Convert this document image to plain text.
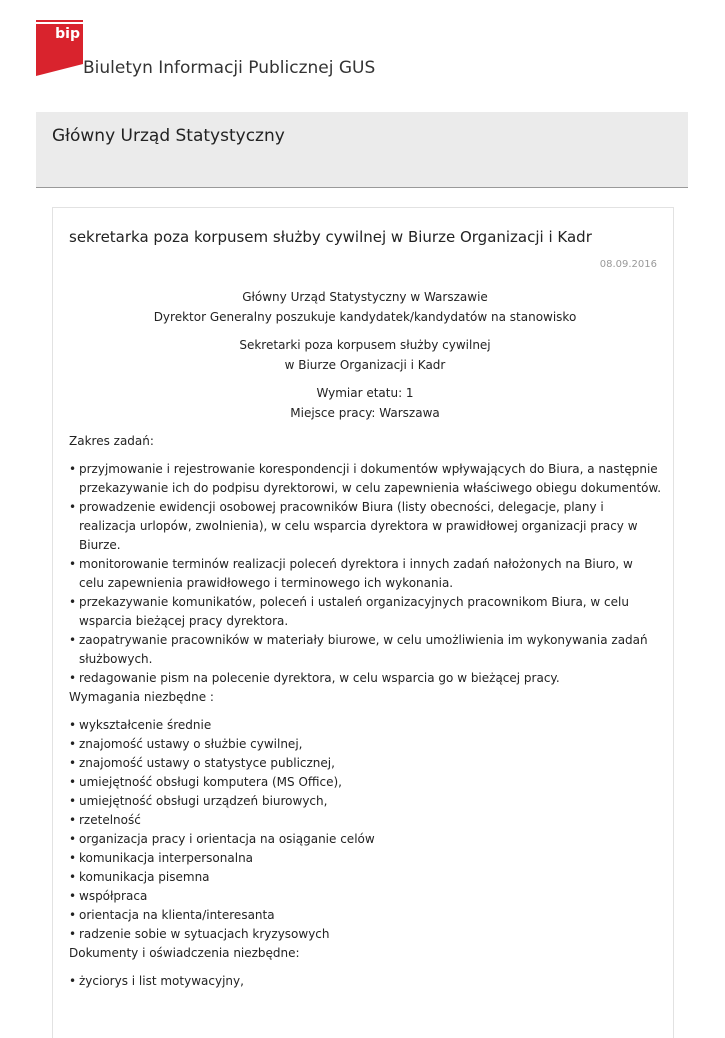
bip
Biuletyn Informacji Publicznej GUS
Główny Urząd Statystyczny
sekretarka poza korpusem służby cywilnej w Biurze Organizacji i Kadr
08.09.2016
Główny Urząd Statystyczny w Warszawie
Dyrektor Generalny poszukuje kandydatek/kandydatów na stanowisko
Sekretarki poza korpusem służby cywilnej
w Biurze Organizacji i Kadr
Wymiar etatu: 1
Miejsce pracy: Warszawa
Zakres zadań:
• przyjmowanie i rejestrowanie korespondencji i dokumentów wpływających do Biura, a następnie przekazywanie ich do podpisu dyrektorowi, w celu zapewnienia właściwego obiegu dokumentów.
• prowadzenie ewidencji osobowej pracowników Biura (listy obecności, delegacje, plany i realizacja urlopów, zwolnienia), w celu wsparcia dyrektora w prawidłowej organizacji pracy w Biurze.
• monitorowanie terminów realizacji poleceń dyrektora i innych zadań nałożonych na Biuro, w celu zapewnienia prawidłowego i terminowego ich wykonania.
• przekazywanie komunikatów, poleceń i ustaleń organizacyjnych pracownikom Biura, w celu wsparcia bieżącej pracy dyrektora.
• zaopatrywanie pracowników w materiały biurowe, w celu umożliwienia im wykonywania zadań służbowych.
• redagowanie pism na polecenie dyrektora, w celu wsparcia go w bieżącej pracy.
Wymagania niezbędne :
• wykształcenie średnie
• znajomość ustawy o służbie cywilnej,
• znajomość ustawy o statystyce publicznej,
• umiejętność obsługi komputera (MS Office),
• umiejętność obsługi urządzeń biurowych,
• rzetelność
• organizacja pracy i orientacja na osiąganie celów
• komunikacja interpersonalna
• komunikacja pisemna
• współpraca
• orientacja na klienta/interesanta
• radzenie sobie w sytuacjach kryzysowych
Dokumenty i oświadczenia niezbędne:
• życiorys i list motywacyjny,
